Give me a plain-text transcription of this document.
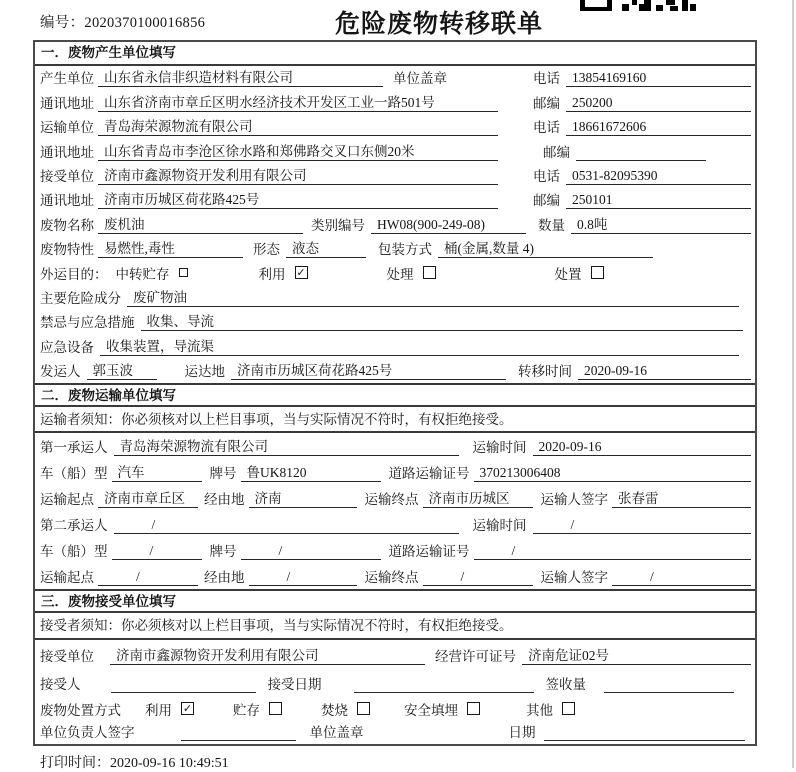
编号：2020370100016856	危险废物转移联单
一．废物产生单位填写
产生单位 山东省永信非织造材料有限公司	单位盖章	电话 13854169160
通讯地址 山东省济南市章丘区明水经济技术开发区工业一路501号	邮编 250200
运输单位 青岛海荣源物流有限公司	电话 18661672606
通讯地址 山东省青岛市李沧区徐水路和郑佛路交叉口东侧20米	邮编
接受单位 济南市鑫源物资开发利用有限公司	电话 0531-82095390
通讯地址 济南市历城区荷花路425号	邮编 250101
废物名称 废机油	类别编号 HW08(900-249-08)	数量 0.8吨
废物特性 易燃性,毒性	形态 液态	包装方式 桶(金属,数量 4)
外运目的： 中转贮存	利用 ✓	处理	处置
主要危险成分 废矿物油
禁忌与应急措施 收集、导流
应急设备 收集装置，导流渠
发运人 郭玉波	运达地 济南市历城区荷花路425号	转移时间 2020-09-16
二．废物运输单位填写
运输者须知：你必须核对以上栏目事项，当与实际情况不符时，有权拒绝接受。
第一承运人 青岛海荣源物流有限公司	运输时间 2020-09-16
车（船）型 汽车	牌号 鲁UK8120	道路运输证号 370213006408
运输起点 济南市章丘区	经由地 济南	运输终点 济南市历城区	运输人签字 张春雷
第二承运人	/	运输时间	/
车（船）型	/	牌号	/	道路运输证号	/
运输起点	/	经由地	/	运输终点	/	运输人签字	/
三．废物接受单位填写
接受者须知：你必须核对以上栏目事项，当与实际情况不符时，有权拒绝接受。
接受单位	济南市鑫源物资开发利用有限公司	经营许可证号 济南危证02号
接受人	接受日期	签收量
废物处置方式 利用 ✓	贮存	焚烧	安全填埋	其他
单位负责人签字	单位盖章	日期
打印时间：2020-09-16 10:49:51
